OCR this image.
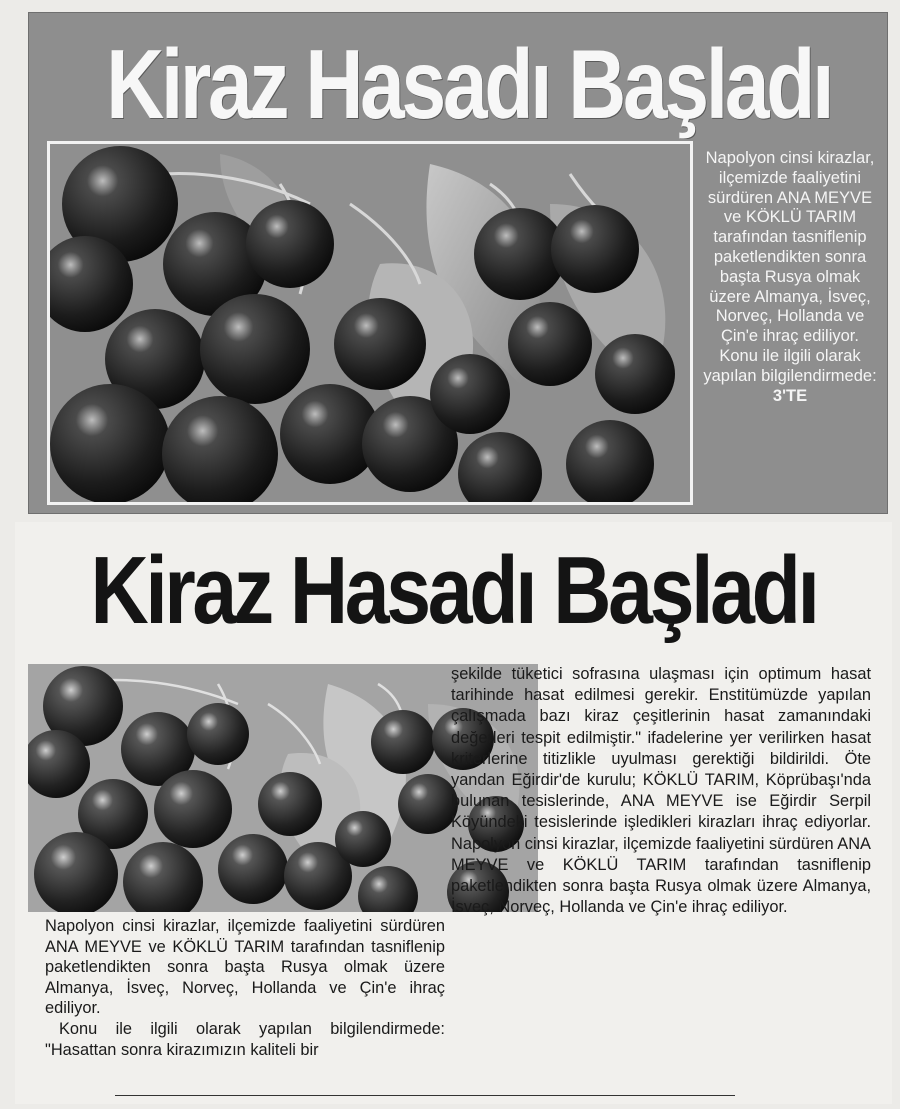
Kiraz Hasadı Başladı

Napolyon cinsi kirazlar, ilçemizde faaliyetini sürdüren ANA MEYVE ve KÖKLÜ TARIM tarafından tasniflenip paketlendikten sonra başta Rusya olmak üzere Almanya, İsveç, Norveç, Hollanda ve Çin'e ihraç ediliyor.

Konu ile ilgili olarak yapılan bilgilendirmede: 3'TE

Kiraz Hasadı Başladı

Napolyon cinsi kirazlar, ilçemizde faaliyetini sürdüren ANA MEYVE ve KÖKLÜ TARIM tarafından tasniflenip paketlendikten sonra başta Rusya olmak üzere Almanya, İsveç, Norveç, Hollanda ve Çin'e ihraç ediliyor.

Konu ile ilgili olarak yapılan bilgilendirmede: "Hasattan sonra kirazımızın kaliteli bir

şekilde tüketici sofrasına ulaşması için optimum hasat tarihinde hasat edilmesi gerekir. Enstitümüzde yapılan çalışmada bazı kiraz çeşitlerinin hasat zamanındaki değerleri tespit edilmiştir." ifadelerine yer verilirken hasat kriterlerine titizlikle uyulması gerektiği bildirildi. Öte yandan Eğirdir'de kurulu; KÖKLÜ TARIM, Köprübaşı'nda bulunan tesislerinde, ANA MEYVE ise Eğirdir Serpil Köyündeki tesislerinde işledikleri kirazları ihraç ediyorlar. Napolyon cinsi kirazlar, ilçemizde faaliyetini sürdüren ANA MEYVE ve KÖKLÜ TARIM tarafından tasniflenip paketlendikten sonra başta Rusya olmak üzere Almanya, İsveç, Norveç, Hollanda ve Çin'e ihraç ediliyor.
